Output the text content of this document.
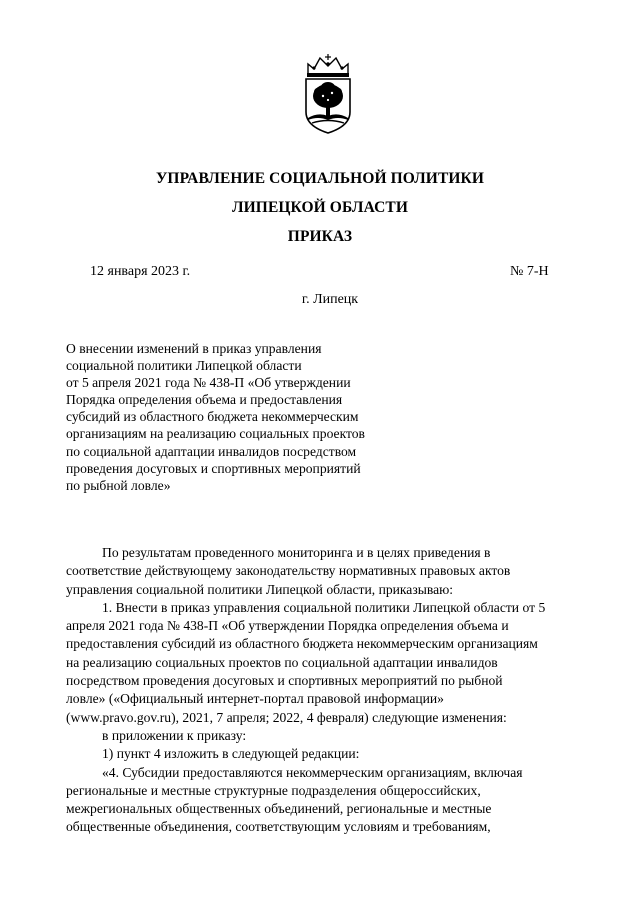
УПРАВЛЕНИЕ СОЦИАЛЬНОЙ ПОЛИТИКИ
ЛИПЕЦКОЙ ОБЛАСТИ
ПРИКАЗ
12 января 2023 г.	№ 7-Н
г. Липецк
О внесении изменений в приказ управления
социальной политики Липецкой области
от 5 апреля 2021 года № 438-П «Об утверждении
Порядка определения объема и предоставления
субсидий из областного бюджета некоммерческим
организациям на реализацию социальных проектов
по социальной адаптации инвалидов посредством
проведения досуговых и спортивных мероприятий
по рыбной ловле»

По результатам проведенного мониторинга и в целях приведения в

соответствие действующему законодательству нормативных правовых актов

управления социальной политики Липецкой области, приказываю:

1. Внести в приказ управления социальной политики Липецкой области от 5

апреля 2021 года № 438-П «Об утверждении Порядка определения объема и

предоставления субсидий из областного бюджета некоммерческим организациям

на реализацию социальных проектов по социальной адаптации инвалидов

посредством проведения досуговых и спортивных мероприятий по рыбной

ловле» («Официальный интернет-портал правовой информации»

(www.pravo.gov.ru), 2021, 7 апреля; 2022, 4 февраля) следующие изменения:

в приложении к приказу:

1) пункт 4 изложить в следующей редакции:

«4. Субсидии предоставляются некоммерческим организациям, включая

региональные и местные структурные подразделения общероссийских,

межрегиональных общественных объединений, региональные и местные

общественные объединения, соответствующим условиям и требованиям,
